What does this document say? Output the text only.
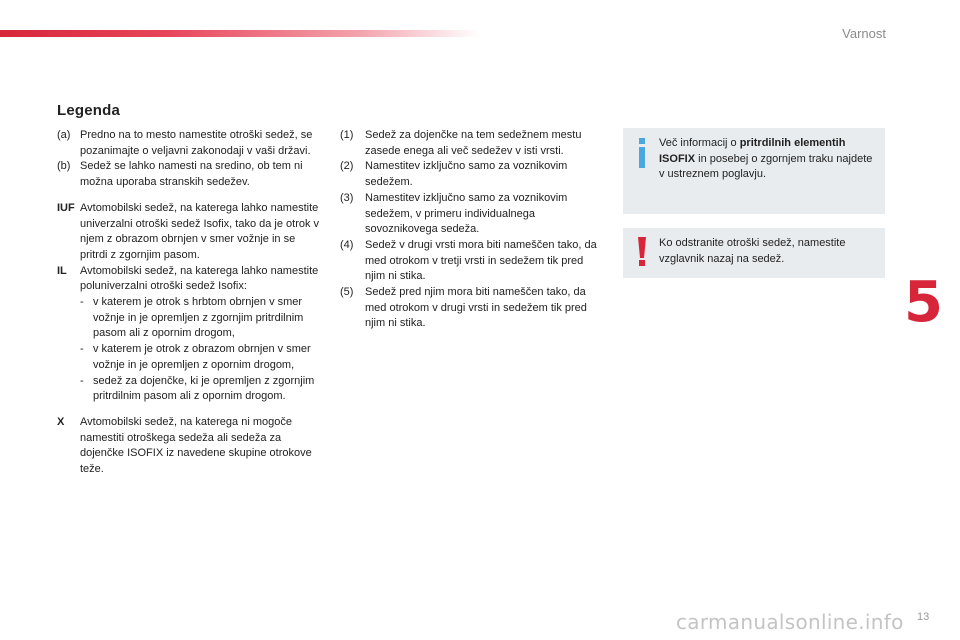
Varnost
Legenda
(a) Predno na to mesto namestite otroški sedež, se pozanimajte o veljavni zakonodaji v vaši državi.
(b) Sedež se lahko namesti na sredino, ob tem ni možna uporaba stranskih sedežev.
IUF Avtomobilski sedež, na katerega lahko namestite univerzalni otroški sedež Isofix, tako da je otrok v njem z obrazom obrnjen v smer vožnje in se pritrdi z zgornjim pasom.
IL	Avtomobilski sedež, na katerega lahko namestite poluniverzalni otroški sedež Isofix:
- v katerem je otrok s hrbtom obrnjen v smer vožnje in je opremljen z zgornjim pritrdilnim pasom ali z opornim drogom,
- v katerem je otrok z obrazom obrnjen v smer vožnje in je opremljen z opornim drogom,
- sedež za dojenčke, ki je opremljen z zgornjim pritrdilnim pasom ali z opornim drogom.
X	Avtomobilski sedež, na katerega ni mogoče namestiti otroškega sedeža ali sedeža za dojenčke ISOFIX iz navedene skupine otrokove teže.
(1)	Sedež za dojenčke na tem sedežnem mestu zasede enega ali več sedežev v isti vrsti.
(2)	Namestitev izključno samo za voznikovim sedežem.
(3)	Namestitev izključno samo za voznikovim sedežem, v primeru individualnega sovoznikovega sedeža.
(4)	Sedež v drugi vrsti mora biti nameščen tako, da med otrokom v tretji vrsti in sedežem tik pred njim ni stika.
(5)	Sedež pred njim mora biti nameščen tako, da med otrokom v drugi vrsti in sedežem tik pred njim ni stika.
Več informacij o pritrdilnih elementih ISOFIX in posebej o zgornjem traku najdete v ustreznem poglavju.
Ko odstranite otroški sedež, namestite vzglavnik nazaj na sedež.
5
carmanualsonline.info 13
